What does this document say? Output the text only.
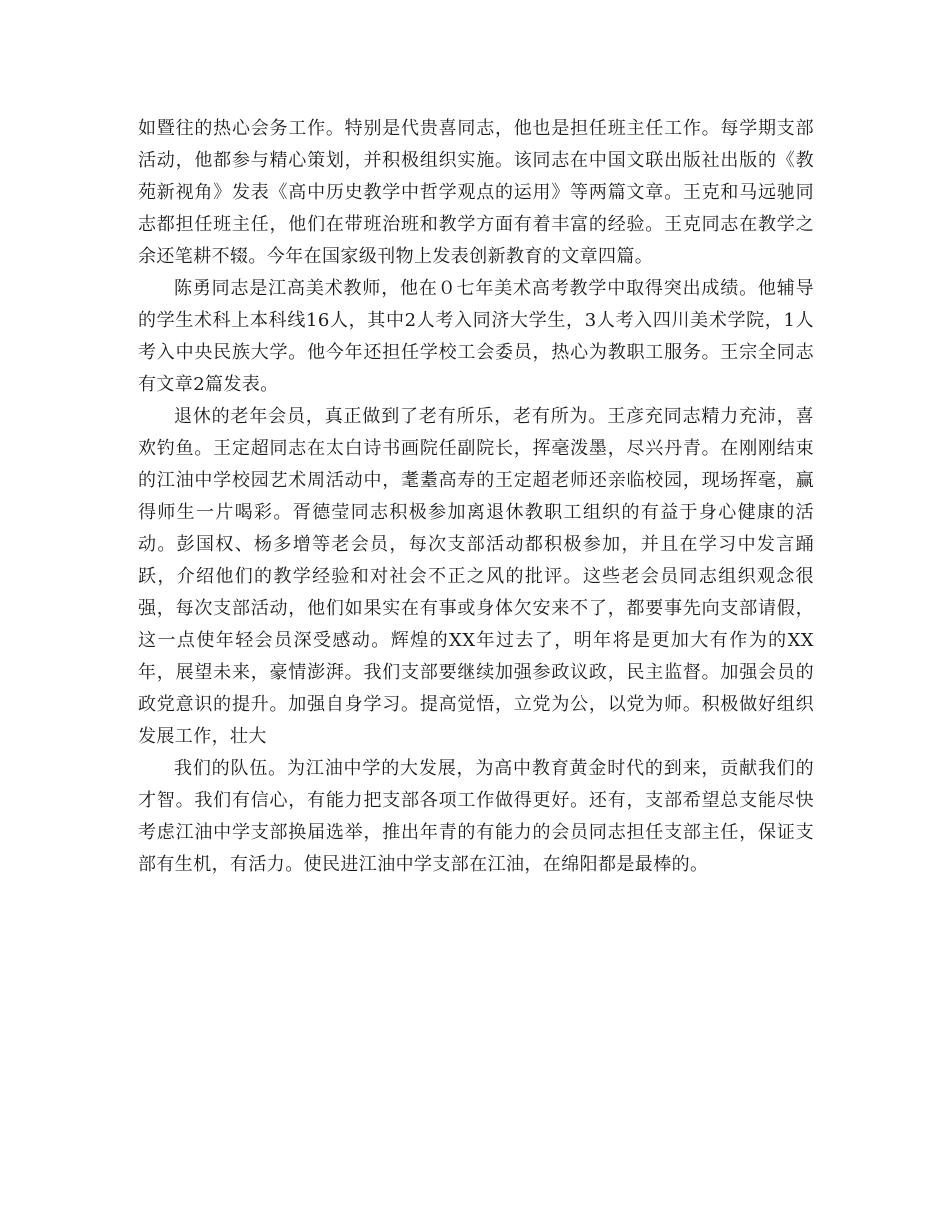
如暨往的热心会务工作。特别是代贵喜同志，他也是担任班主任工作。每学期支部活动，他都参与精心策划，并积极组织实施。该同志在中国文联出版社出版的《教苑新视角》发表《高中历史教学中哲学观点的运用》等两篇文章。王克和马远驰同志都担任班主任，他们在带班治班和教学方面有着丰富的经验。王克同志在教学之余还笔耕不辍。今年在国家级刊物上发表创新教育的文章四篇。

陈勇同志是江高美术教师，他在０七年美术高考教学中取得突出成绩。他辅导的学生术科上本科线16人，其中2人考入同济大学生，3人考入四川美术学院，1人考入中央民族大学。他今年还担任学校工会委员，热心为教职工服务。王宗全同志有文章2篇发表。

退休的老年会员，真正做到了老有所乐，老有所为。王彦充同志精力充沛，喜欢钓鱼。王定超同志在太白诗书画院任副院长，挥毫泼墨，尽兴丹青。在刚刚结束的江油中学校园艺术周活动中，耄耋高寿的王定超老师还亲临校园，现场挥毫，赢得师生一片喝彩。胥德莹同志积极参加离退休教职工组织的有益于身心健康的活动。彭国权、杨多增等老会员，每次支部活动都积极参加，并且在学习中发言踊跃，介绍他们的教学经验和对社会不正之风的批评。这些老会员同志组织观念很强，每次支部活动，他们如果实在有事或身体欠安来不了，都要事先向支部请假，这一点使年轻会员深受感动。辉煌的XX年过去了，明年将是更加大有作为的XX年，展望未来，豪情澎湃。我们支部要继续加强参政议政，民主监督。加强会员的政党意识的提升。加强自身学习。提高觉悟，立党为公，以党为师。积极做好组织发展工作，壮大

我们的队伍。为江油中学的大发展，为高中教育黄金时代的到来，贡献我们的才智。我们有信心，有能力把支部各项工作做得更好。还有，支部希望总支能尽快考虑江油中学支部换届选举，推出年青的有能力的会员同志担任支部主任，保证支部有生机，有活力。使民进江油中学支部在江油，在绵阳都是最棒的。
